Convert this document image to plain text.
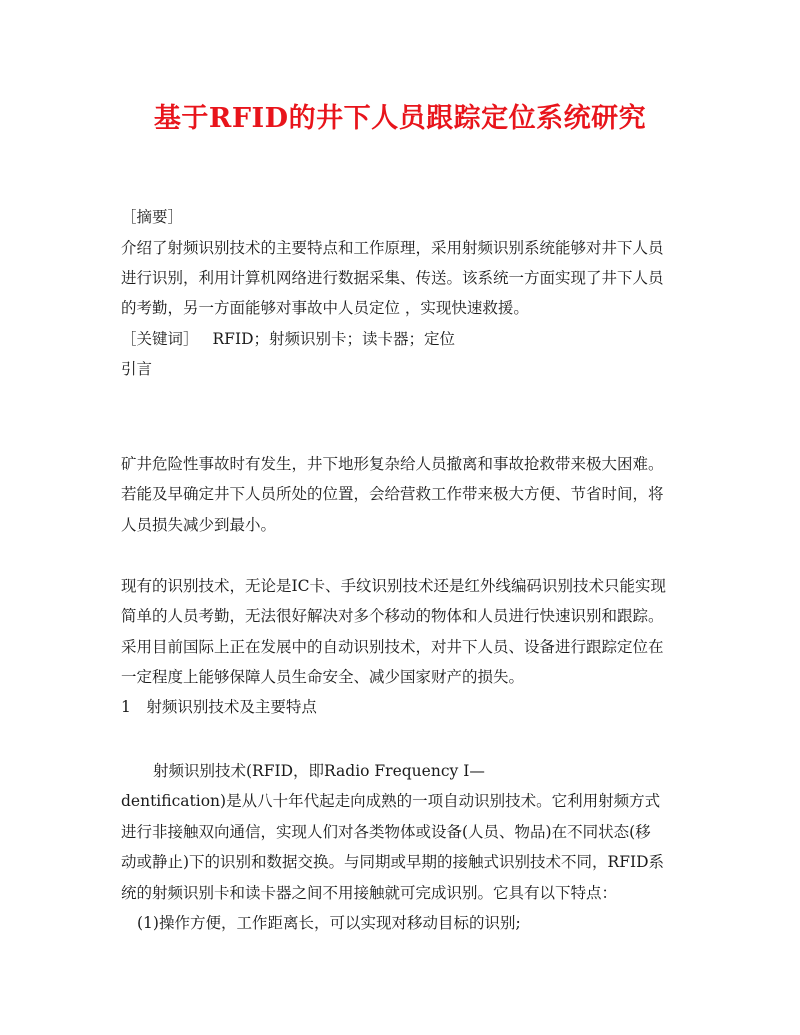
基于RFID的井下人员跟踪定位系统研究
［摘要］
介绍了射频识别技术的主要特点和工作原理，采用射频识别系统能够对井下人员
进行识别，利用计算机网络进行数据采集、传送。该系统一方面实现了井下人员
的考勤，另一方面能够对事故中人员定位 ，实现快速救援。
［关键词］ RFID；射频识别卡；读卡器；定位
引言
矿井危险性事故时有发生，井下地形复杂给人员撤离和事故抢救带来极大困难。
若能及早确定井下人员所处的位置，会给营救工作带来极大方便、节省时间，将
人员损失减少到最小。
现有的识别技术，无论是IC卡、手纹识别技术还是红外线编码识别技术只能实现
简单的人员考勤，无法很好解决对多个移动的物体和人员进行快速识别和跟踪。
采用目前国际上正在发展中的自动识别技术，对井下人员、设备进行跟踪定位在
一定程度上能够保障人员生命安全、减少国家财产的损失。
1　射频识别技术及主要特点
射频识别技术(RFID，即Radio Frequency I—
dentification)是从八十年代起走向成熟的一项自动识别技术。它利用射频方式
进行非接触双向通信，实现人们对各类物体或设备(人员、物品)在不同状态(移
动或静止)下的识别和数据交换。与同期或早期的接触式识别技术不同，RFID系
统的射频识别卡和读卡器之间不用接触就可完成识别。它具有以下特点：
(1)操作方便，工作距离长，可以实现对移动目标的识别;
